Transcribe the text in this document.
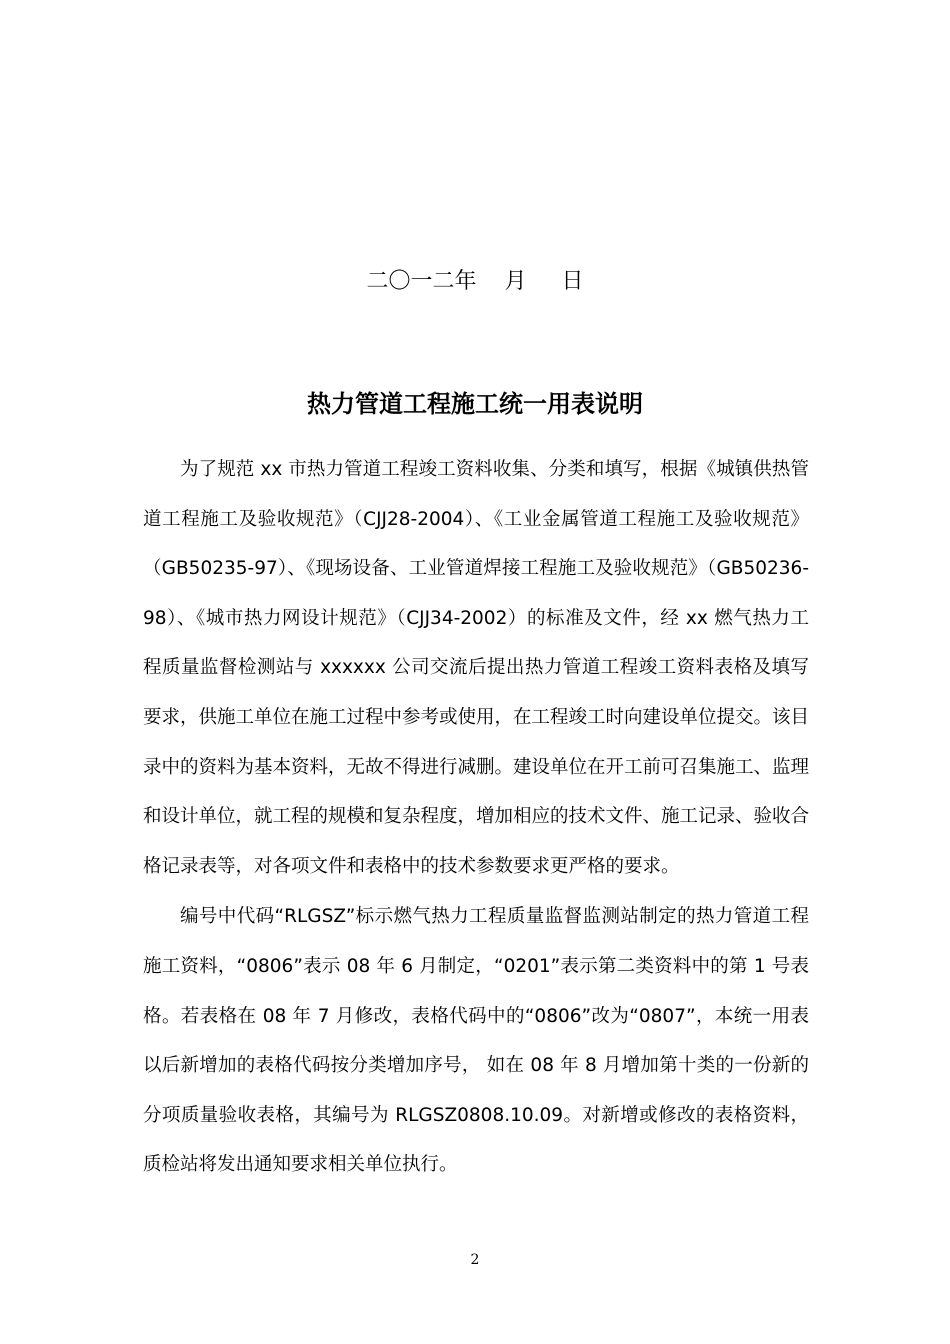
二〇一二年    月     日
热力管道工程施工统一用表说明

为了规范 xx 市热力管道工程竣工资料收集、分类和填写，根据《城镇供热管道工程施工及验收规范》（CJJ28-2004）、《工业金属管道工程施工及验收规范》（GB50235-97）、《现场设备、工业管道焊接工程施工及验收规范》（GB50236-98）、《城市热力网设计规范》（CJJ34-2002）的标准及文件，经 xx 燃气热力工程质量监督检测站与 xxxxxx 公司交流后提出热力管道工程竣工资料表格及填写要求，供施工单位在施工过程中参考或使用，在工程竣工时向建设单位提交。该目录中的资料为基本资料，无故不得进行减删。建设单位在开工前可召集施工、监理和设计单位，就工程的规模和复杂程度，增加相应的技术文件、施工记录、验收合格记录表等，对各项文件和表格中的技术参数要求更严格的要求。

编号中代码“RLGSZ”标示燃气热力工程质量监督监测站制定的热力管道工程施工资料，“0806”表示 08 年 6 月制定，“0201”表示第二类资料中的第 1 号表格。若表格在 08 年 7 月修改，表格代码中的“0806”改为“0807”，本统一用表以后新增加的表格代码按分类增加序号， 如在 08 年 8 月增加第十类的一份新的分项质量验收表格，其编号为 RLGSZ0808.10.09。对新增或修改的表格资料，质检站将发出通知要求相关单位执行。

2
